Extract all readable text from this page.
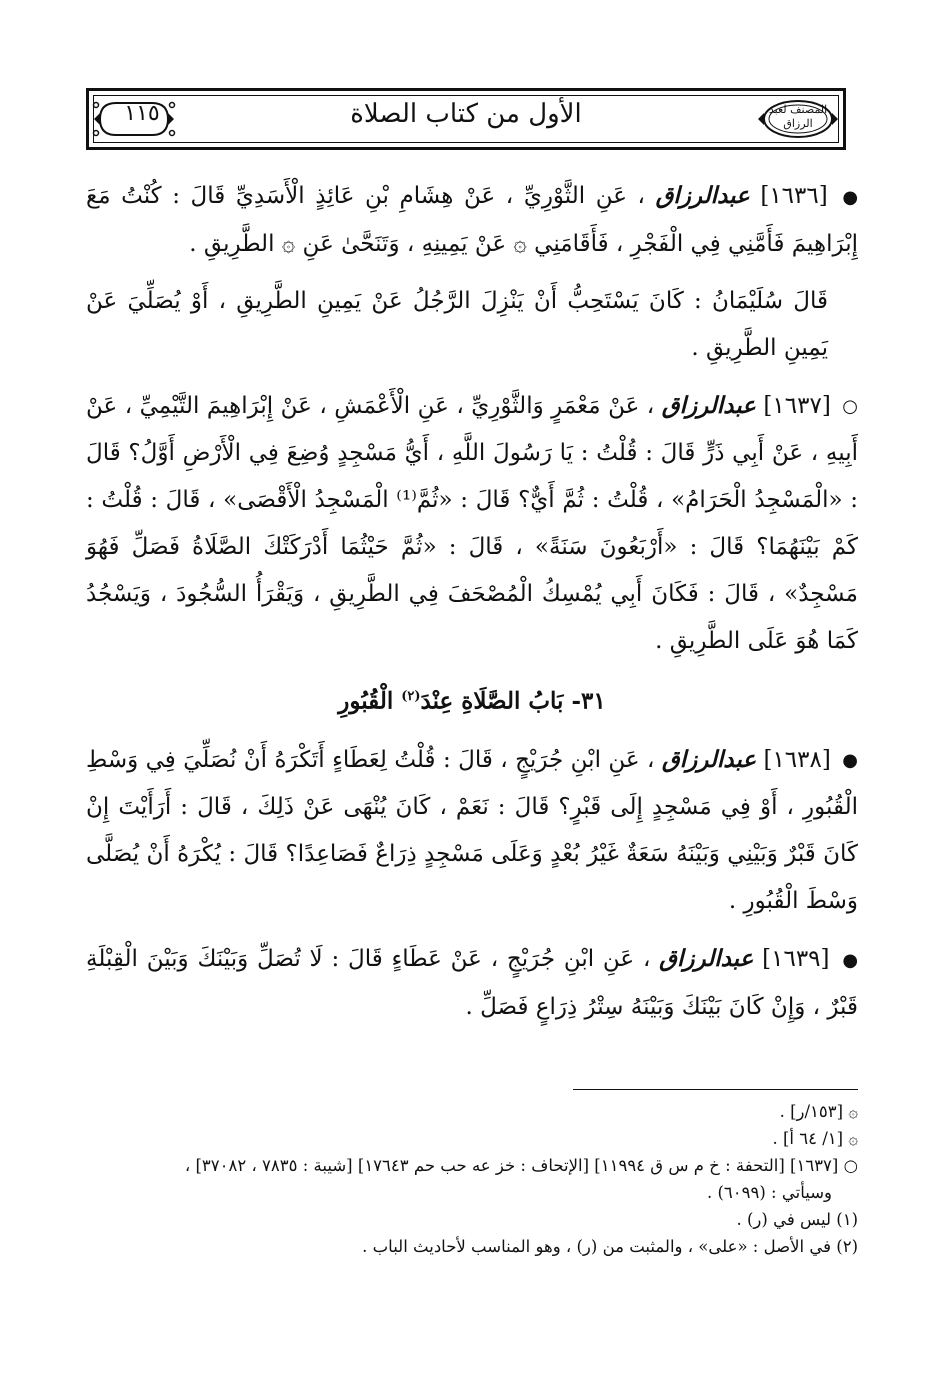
١١٥	الأول من كتاب الصلاة	المصنف لعبد الرزاق

● [١٦٣٦] عبدالرزاق ، عَنِ الثَّوْرِيِّ ، عَنْ هِشَامِ بْنِ عَائِذٍ الْأَسَدِيِّ قَالَ : كُنْتُ مَعَ إِبْرَاهِيمَ فَأَمَّنِي فِي الْفَجْرِ ، فَأَقَامَنِي ۞ عَنْ يَمِينِهِ ، وَتَنَحَّىٰ عَنِ ۞ الطَّرِيقِ .

قَالَ سُلَيْمَانُ : كَانَ يَسْتَحِبُّ أَنْ يَنْزِلَ الرَّجُلُ عَنْ يَمِينِ الطَّرِيقِ ، أَوْ يُصَلِّيَ عَنْ يَمِينِ الطَّرِيقِ .

○ [١٦٣٧] عبدالرزاق ، عَنْ مَعْمَرٍ وَالثَّوْرِيِّ ، عَنِ الْأَعْمَشِ ، عَنْ إِبْرَاهِيمَ التَّيْمِيِّ ، عَنْ أَبِيهِ ، عَنْ أَبِي ذَرٍّ قَالَ : قُلْتُ : يَا رَسُولَ اللَّهِ ، أَيُّ مَسْجِدٍ وُضِعَ فِي الْأَرْضِ أَوَّلُ؟ قَالَ : «الْمَسْجِدُ الْحَرَامُ» ، قُلْتُ : ثُمَّ أَيٌّ؟ قَالَ : «ثُمَّ⁽¹⁾ الْمَسْجِدُ الْأَقْصَى» ، قَالَ : قُلْتُ : كَمْ بَيْنَهُمَا؟ قَالَ : «أَرْبَعُونَ سَنَةً» ، قَالَ : «ثُمَّ حَيْثُمَا أَدْرَكَتْكَ الصَّلَاةُ فَصَلِّ فَهُوَ مَسْجِدٌ» ، قَالَ : فَكَانَ أَبِي يُمْسِكُ الْمُصْحَفَ فِي الطَّرِيقِ ، وَيَقْرَأُ السُّجُودَ ، وَيَسْجُدُ كَمَا هُوَ عَلَى الطَّرِيقِ .

٣١- بَابُ الصَّلَاةِ عِنْدَ$^{(٢)}$ الْقُبُورِ

● [١٦٣٨] عبدالرزاق ، عَنِ ابْنِ جُرَيْجٍ ، قَالَ : قُلْتُ لِعَطَاءٍ أَتَكْرَهُ أَنْ نُصَلِّيَ فِي وَسْطِ الْقُبُورِ ، أَوْ فِي مَسْجِدٍ إِلَى قَبْرٍ؟ قَالَ : نَعَمْ ، كَانَ يُنْهَى عَنْ ذَلِكَ ، قَالَ : أَرَأَيْتَ إِنْ كَانَ قَبْرٌ وَبَيْنِي وَبَيْنَهُ سَعَةٌ غَيْرُ بُعْدٍ وَعَلَى مَسْجِدٍ ذِرَاعٌ فَصَاعِدًا؟ قَالَ : يُكْرَهُ أَنْ يُصَلَّى وَسْطَ الْقُبُورِ .

● [١٦٣٩] عبدالرزاق ، عَنِ ابْنِ جُرَيْجٍ ، عَنْ عَطَاءٍ قَالَ : لَا تُصَلِّ وَبَيْنَكَ وَبَيْنَ الْقِبْلَةِ قَبْرٌ ، وَإِنْ كَانَ بَيْنَكَ وَبَيْنَهُ سِتْرُ ذِرَاعٍ فَصَلِّ .

۞ [١٥٣/ر] .
۞ [١/ ٦٤ أ] .
○ [١٦٣٧] [التحفة : خ م س ق ١١٩٩٤] [الإتحاف : خز عه حب حم ١٧٦٤٣] [شيبة : ٧٨٣٥ ، ٣٧٠٨٢] ،
وسيأتي : (٦٠٩٩) .
(١) ليس في (ر) .
(٢) في الأصل : «على» ، والمثبت من (ر) ، وهو المناسب لأحاديث الباب .
